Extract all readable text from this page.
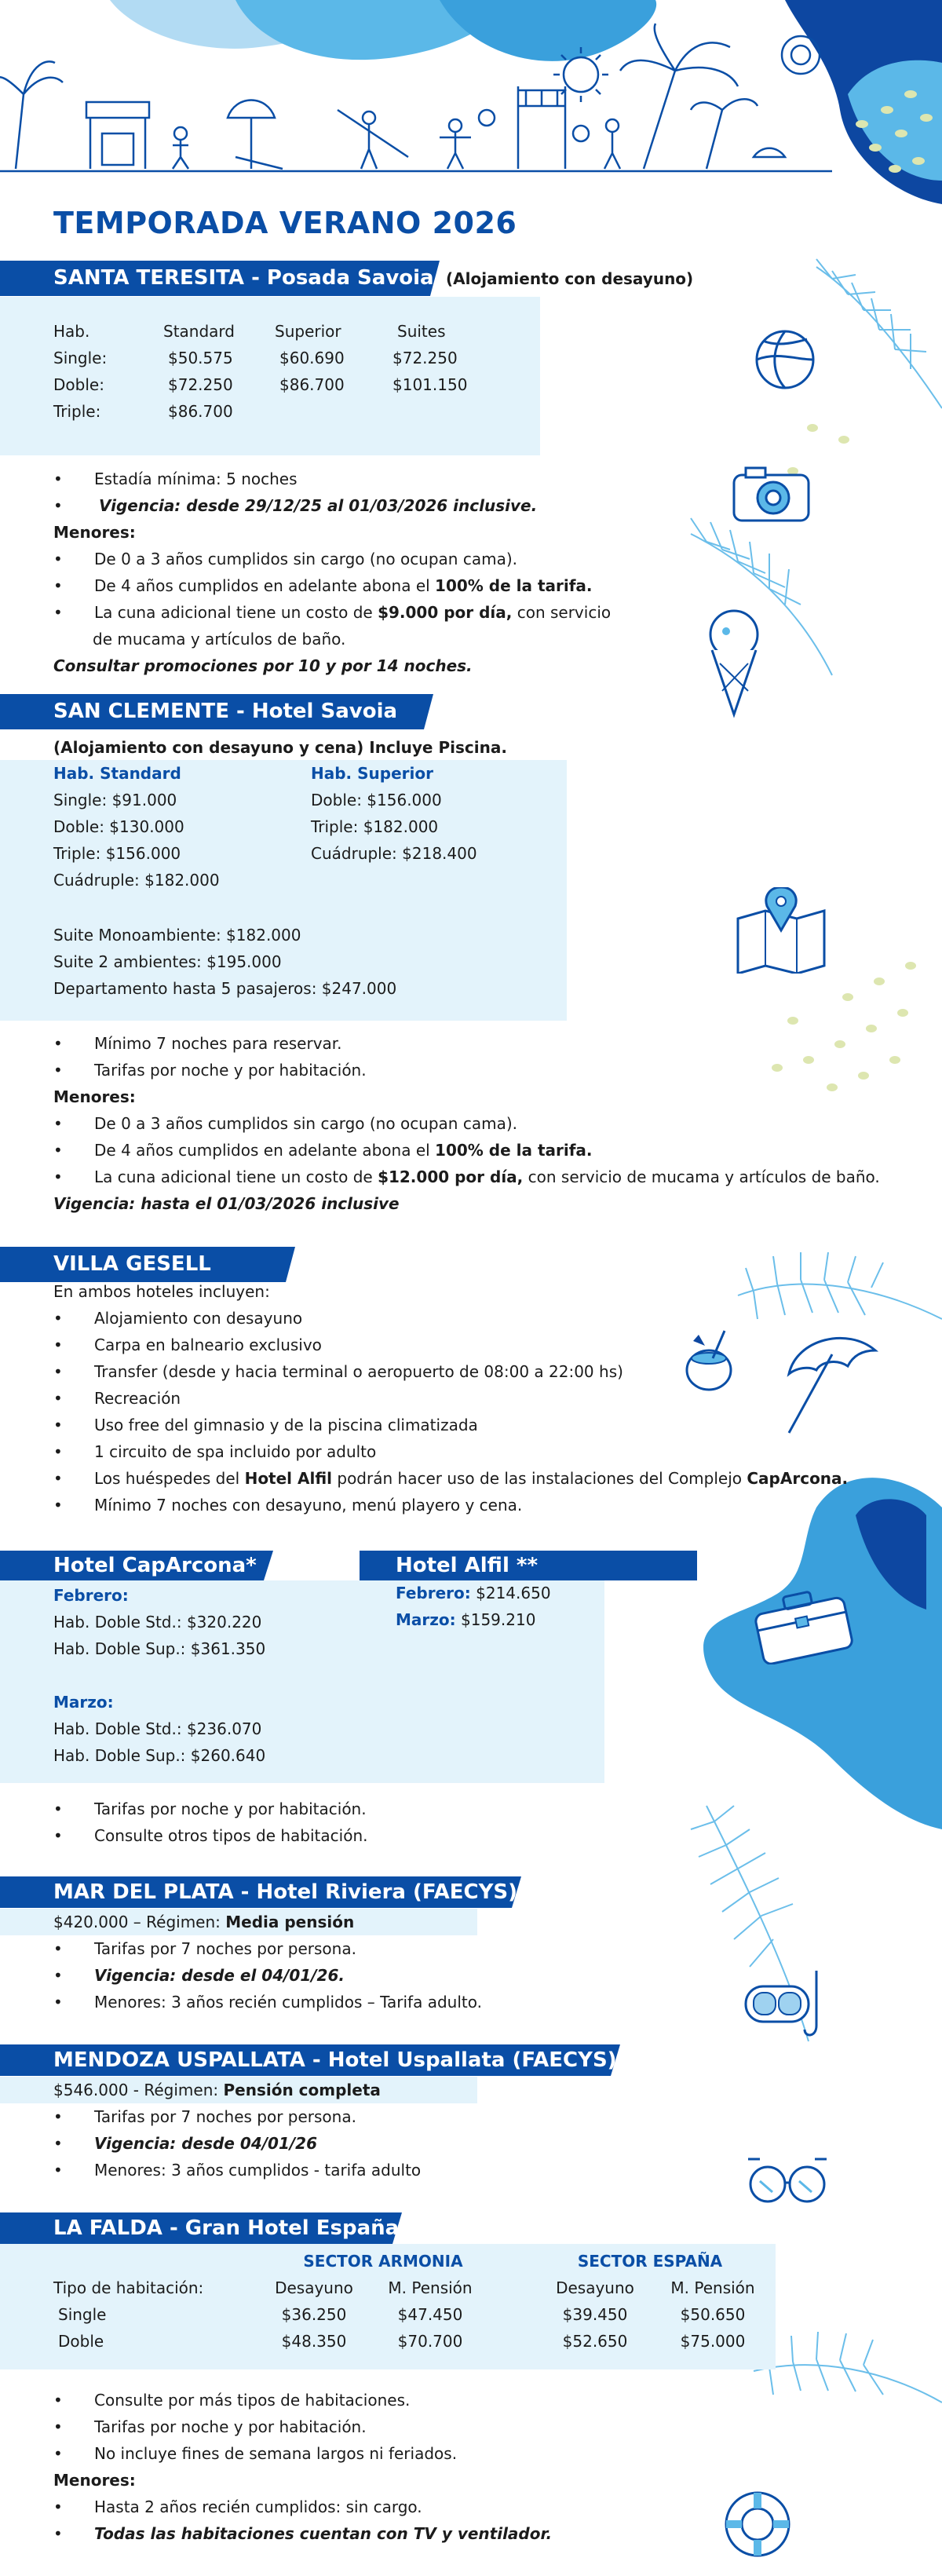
TEMPORADA VERANO 2026
SANTA TERESITA - Posada Savoia (Alojamiento con desayuno)
Hab.	Standard	Superior	Suites
Single:	$50.575	$60.690	$72.250
Doble:	$72.250	$86.700	$101.150
Triple:	$86.700
•	Estadía mínima: 5 noches
•	Vigencia: desde 29/12/25 al 01/03/2026 inclusive.
Menores:
•	De 0 a 3 años cumplidos sin cargo (no ocupan cama).
•	De 4 años cumplidos en adelante abona el 100% de la tarifa.
•	La cuna adicional tiene un costo de $9.000 por día, con servicio
de mucama y artículos de baño.
Consultar promociones por 10 y por 14 noches.
SAN CLEMENTE - Hotel Savoia
(Alojamiento con desayuno y cena) Incluye Piscina.
Hab. Standard
Single: $91.000
Doble: $130.000
Triple: $156.000
Cuádruple: $182.000
Hab. Superior
Doble: $156.000
Triple: $182.000
Cuádruple: $218.400
Suite Monoambiente: $182.000
Suite 2 ambientes: $195.000
Departamento hasta 5 pasajeros: $247.000
•	Mínimo 7 noches para reservar.
•	Tarifas por noche y por habitación.
Menores:
•	De 0 a 3 años cumplidos sin cargo (no ocupan cama).
•	De 4 años cumplidos en adelante abona el 100% de la tarifa.
•	La cuna adicional tiene un costo de $12.000 por día, con servicio de mucama y artículos de baño.
Vigencia: hasta el 01/03/2026 inclusive
VILLA GESELL
En ambos hoteles incluyen:
•	Alojamiento con desayuno
•	Carpa en balneario exclusivo
•	Transfer (desde y hacia terminal o aeropuerto de 08:00 a 22:00 hs)
•	Recreación
•	Uso free del gimnasio y de la piscina climatizada
•	1 circuito de spa incluido por adulto
•	Los huéspedes del Hotel Alfil podrán hacer uso de las instalaciones del Complejo CapArcona.
•	Mínimo 7 noches con desayuno, menú playero y cena.
Hotel CapArcona*	Hotel Alfil **
Febrero:
Hab. Doble Std.: $320.220
Hab. Doble Sup.: $361.350
Marzo:
Hab. Doble Std.: $236.070
Hab. Doble Sup.: $260.640
Febrero: $214.650
Marzo: $159.210
•	Tarifas por noche y por habitación.
•	Consulte otros tipos de habitación.
MAR DEL PLATA - Hotel Riviera (FAECYS)
$420.000 – Régimen: Media pensión
•	Tarifas por 7 noches por persona.
•	Vigencia: desde el 04/01/26.
•	Menores: 3 años recién cumplidos – Tarifa adulto.
MENDOZA USPALLATA - Hotel Uspallata (FAECYS)
$546.000 - Régimen: Pensión completa
•	Tarifas por 7 noches por persona.
•	Vigencia: desde 04/01/26
•	Menores: 3 años cumplidos - tarifa adulto
LA FALDA - Gran Hotel España
SECTOR ARMONIA	SECTOR ESPAÑA
Tipo de habitación:	Desayuno	M. Pensión	Desayuno	M. Pensión
Single	$36.250	$47.450	$39.450	$50.650
Doble	$48.350	$70.700	$52.650	$75.000
•	Consulte por más tipos de habitaciones.
•	Tarifas por noche y por habitación.
•	No incluye fines de semana largos ni feriados.
Menores:
•	Hasta 2 años recién cumplidos: sin cargo.
•	Todas las habitaciones cuentan con TV y ventilador.
